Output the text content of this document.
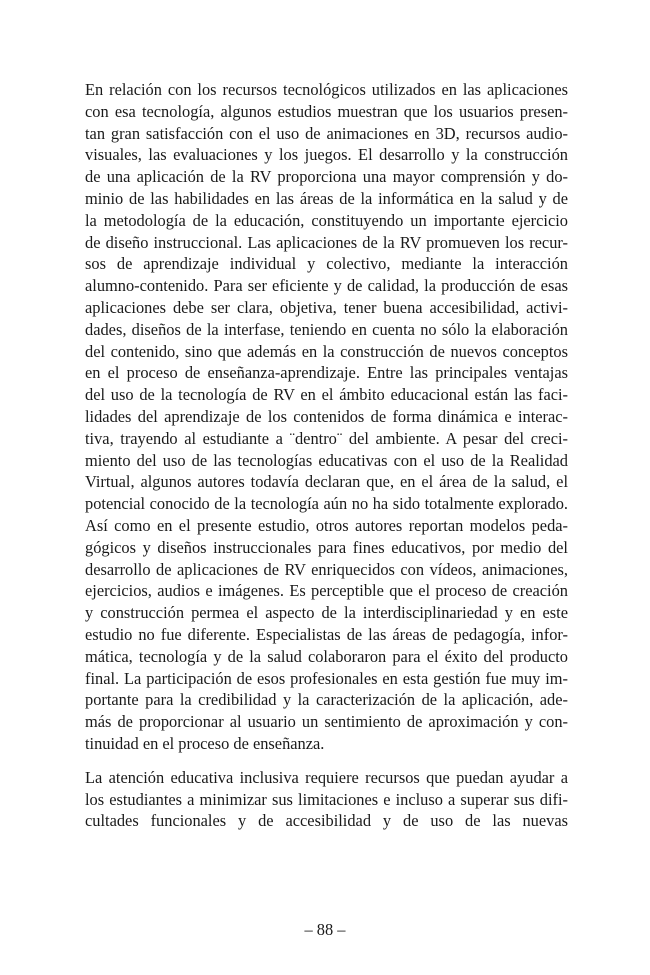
En relación con los recursos tecnológicos utilizados en las aplicaciones
con esa tecnología, algunos estudios muestran que los usuarios presen-
tan gran satisfacción con el uso de animaciones en 3D, recursos audio-
visuales, las evaluaciones y los juegos. El desarrollo y la construcción
de una aplicación de la RV proporciona una mayor comprensión y do-
minio de las habilidades en las áreas de la informática en la salud y de
la metodología de la educación, constituyendo un importante ejercicio
de diseño instruccional. Las aplicaciones de la RV promueven los recur-
sos de aprendizaje individual y colectivo, mediante la interacción
alumno-contenido. Para ser eficiente y de calidad, la producción de esas
aplicaciones debe ser clara, objetiva, tener buena accesibilidad, activi-
dades, diseños de la interfase, teniendo en cuenta no sólo la elaboración
del contenido, sino que además en la construcción de nuevos conceptos
en el proceso de enseñanza-aprendizaje. Entre las principales ventajas
del uso de la tecnología de RV en el ámbito educacional están las faci-
lidades del aprendizaje de los contenidos de forma dinámica e interac-
tiva, trayendo al estudiante a ¨dentro¨ del ambiente. A pesar del creci-
miento del uso de las tecnologías educativas con el uso de la Realidad
Virtual, algunos autores todavía declaran que, en el área de la salud, el
potencial conocido de la tecnología aún no ha sido totalmente explorado.
Así como en el presente estudio, otros autores reportan modelos peda-
gógicos y diseños instruccionales para fines educativos, por medio del
desarrollo de aplicaciones de RV enriquecidos con vídeos, animaciones,
ejercicios, audios e imágenes. Es perceptible que el proceso de creación
y construcción permea el aspecto de la interdisciplinariedad y en este
estudio no fue diferente. Especialistas de las áreas de pedagogía, infor-
mática, tecnología y de la salud colaboraron para el éxito del producto
final. La participación de esos profesionales en esta gestión fue muy im-
portante para la credibilidad y la caracterización de la aplicación, ade-
más de proporcionar al usuario un sentimiento de aproximación y con-
tinuidad en el proceso de enseñanza.
La atención educativa inclusiva requiere recursos que puedan ayudar a
los estudiantes a minimizar sus limitaciones e incluso a superar sus difi-
cultades funcionales y de accesibilidad y de uso de las nuevas
– 88 –
